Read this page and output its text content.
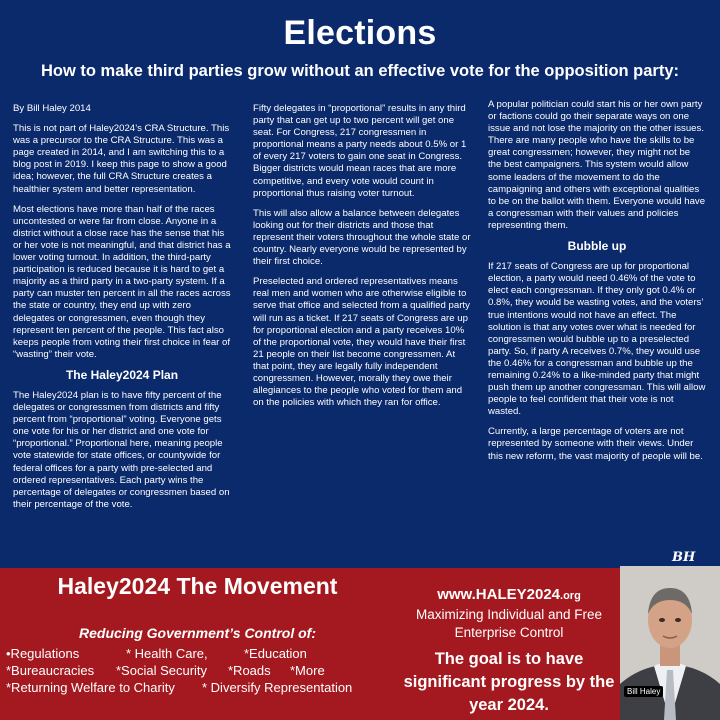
Elections
How to make third parties grow without an effective vote for the opposition party:

By Bill Haley 2014

This is not part of Haley2024’s CRA Structure. This was a precursor to the CRA Structure. This was a page created in 2014, and I am switching this to a blog post in 2019. I keep this page to show a good idea; however, the full CRA Structure creates a healthier system and better representation.

Most elections have more than half of the races uncontested or were far from close. Anyone in a district without a close race has the sense that his or her vote is not meaningful, and that district has a lower voting turnout. In addition, the third-party participation is reduced because it is hard to get a majority as a third party in a two-party system. If a party can muster ten percent in all the races across the state or country, they end up with zero delegates or congressmen, even though they represent ten percent of the people. This fact also keeps people from voting their first choice in fear of “wasting” their vote.

The Haley2024 Plan

The Haley2024 plan is to have fifty percent of the delegates or congressmen from districts and fifty percent from “proportional” voting. Everyone gets one vote for his or her district and one vote for “proportional.” Proportional here, meaning people vote statewide for state offices, or countywide for federal offices for a party with pre-selected and ordered representatives. Each party wins the percentage of delegates or congressmen based on their percentage of the vote.

Fifty delegates in “proportional” results in any third party that can get up to two percent will get one seat. For Congress, 217 congressmen in proportional means a party needs about 0.5% or 1 of every 217 voters to gain one seat in Congress. Bigger districts would mean races that are more competitive, and every vote would count in proportional thus raising voter turnout.

This will also allow a balance between delegates looking out for their districts and those that represent their voters throughout the whole state or country. Nearly everyone would be represented by their first choice.

Preselected and ordered representatives means real men and women who are otherwise eligible to serve that office and selected from a qualified party will run as a ticket. If 217 seats of Congress are up for proportional election and a party receives 10% of the proportional vote, they would have their first 21 people on their list become congressmen. At that point, they are legally fully independent congressmen. However, morally they owe their allegiances to the people who voted for them and on the policies with which they ran for office.

A popular politician could start his or her own party or factions could go their separate ways on one issue and not lose the majority on the other issues. There are many people who have the skills to be great congressmen; however, they might not be the best campaigners. This system would allow some leaders of the movement to do the campaigning and others with exceptional qualities to be on the ballot with them. Everyone would have a congressman with their values and policies representing them.

Bubble up

If 217 seats of Congress are up for proportional election, a party would need 0.46% of the vote to elect each congressman. If they only got 0.4% or 0.8%, they would be wasting votes, and the voters’ true intentions would not have an effect. The solution is that any votes over what is needed for congressmen would bubble up to a preselected party. So, if party A receives 0.7%, they would use the 0.46% for a congressman and bubble up the remaining 0.24% to a like-minded party that might push them up another congressman. This will allow people to feel confident that their vote is not wasted.

Currently, a large percentage of voters are not represented by someone with their views. Under this new reform, the vast majority of people will be.

Haley2024 The Movement
Reducing Government’s Control of:
•Regulations	* Health Care,	*Education
*Bureaucracies *Social Security *Roads *More
*Returning Welfare to Charity * Diversify Representation
www.HALEY2024.org
Maximizing Individual and Free Enterprise Control
The goal is to have significant progress by the year 2024.
BH
Bill Haley
